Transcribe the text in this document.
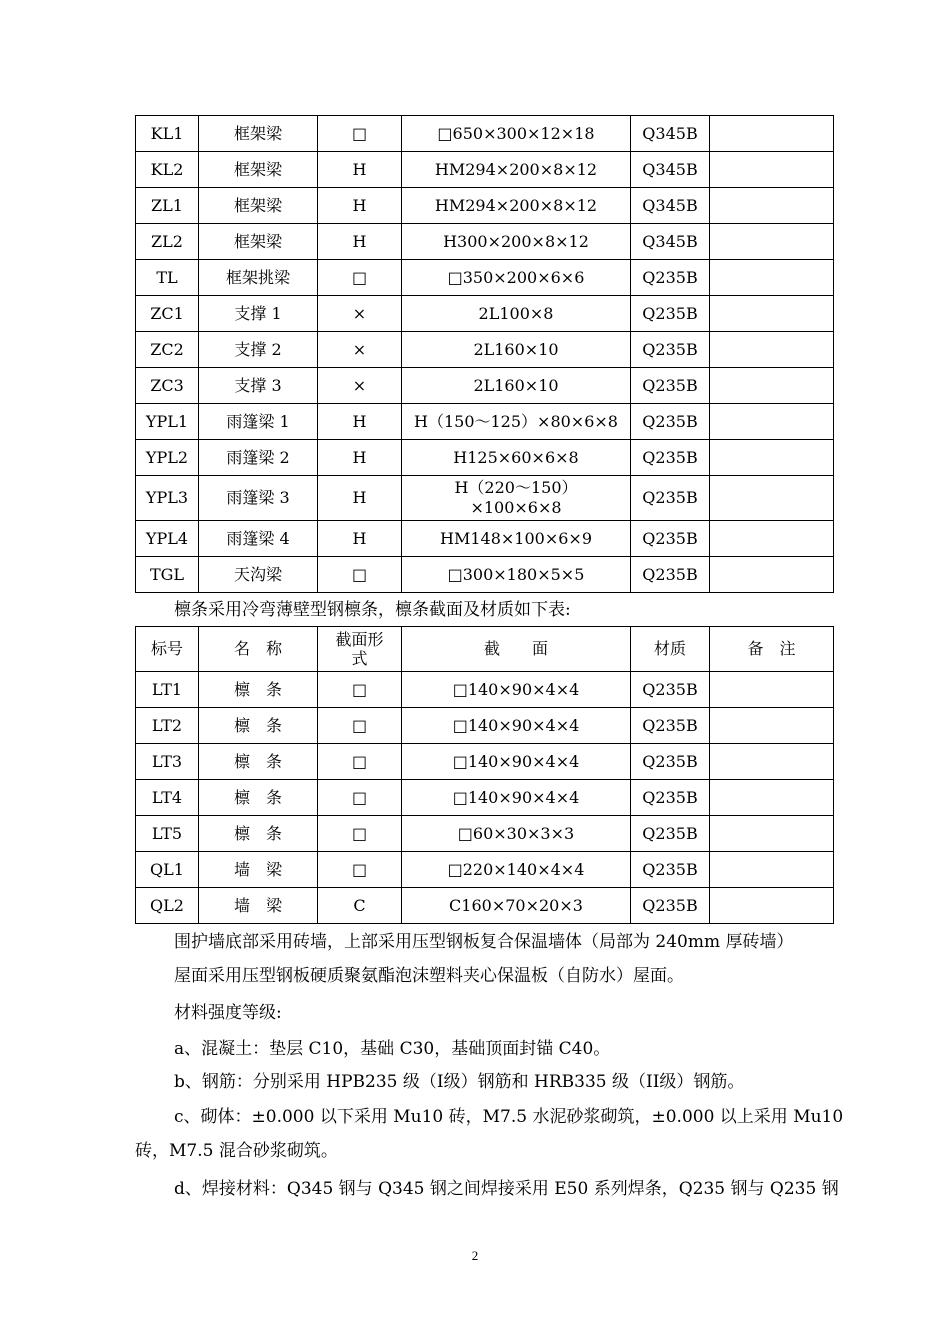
KL1	框架梁	□	□650×300×12×18	Q345B	
KL2	框架梁	H	HM294×200×8×12	Q345B	
ZL1	框架梁	H	HM294×200×8×12	Q345B	
ZL2	框架梁	H	H300×200×8×12	Q345B	
TL	框架挑梁	□	□350×200×6×6	Q235B	
ZC1	支撑 1	×	2L100×8	Q235B	
ZC2	支撑 2	×	2L160×10	Q235B	
ZC3	支撑 3	×	2L160×10	Q235B	
YPL1	雨篷梁 1	H	H（150～125）×80×6×8	Q235B	
YPL2	雨篷梁 2	H	H125×60×6×8	Q235B	
YPL3	雨篷梁 3	H	H（220～150）
×100×6×8	Q235B	
YPL4	雨篷梁 4	H	HM148×100×6×9	Q235B	
TGL	天沟梁	□	□300×180×5×5	Q235B	
檩条采用冷弯薄壁型钢檩条，檩条截面及材质如下表:
标号	名　称	截面形式	截　　面	材质	备　注
LT1	檩　条	□	□140×90×4×4	Q235B	
LT2	檩　条	□	□140×90×4×4	Q235B	
LT3	檩　条	□	□140×90×4×4	Q235B	
LT4	檩　条	□	□140×90×4×4	Q235B	
LT5	檩　条	□	□60×30×3×3	Q235B	
QL1	墙　梁	□	□220×140×4×4	Q235B	
QL2	墙　梁	C	C160×70×20×3	Q235B	
围护墙底部采用砖墙，上部采用压型钢板复合保温墙体（局部为 240mm 厚砖墙）
屋面采用压型钢板硬质聚氨酯泡沫塑料夹心保温板（自防水）屋面。
材料强度等级:
a、混凝土：垫层 C10，基础 C30，基础顶面封锚 C40。
b、钢筋：分别采用 HPB235 级（I级）钢筋和 HRB335 级（II级）钢筋。
c、砌体：±0.000 以下采用 Mu10 砖，M7.5 水泥砂浆砌筑，±0.000 以上采用 Mu10
砖，M7.5 混合砂浆砌筑。
d、焊接材料：Q345 钢与 Q345 钢之间焊接采用 E50 系列焊条，Q235 钢与 Q235 钢
2
